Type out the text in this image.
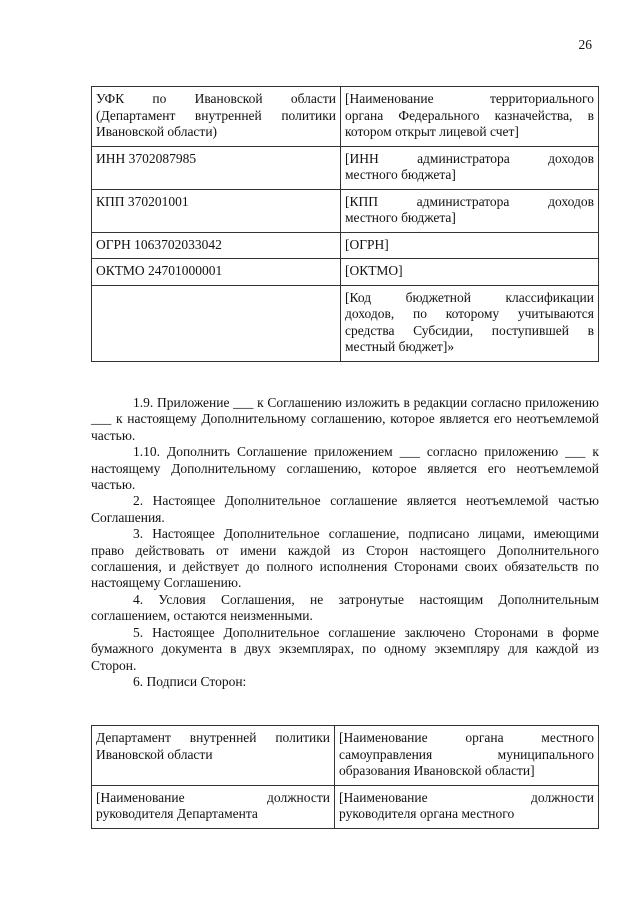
26
УФК по Ивановской области
(Департамент внутренней политики
Ивановской области)	[Наименование территориального
органа Федерального казначейства, в
котором открыт лицевой счет]

ИНН 3702087985	[ИНН администратора доходов
местного бюджета]

КПП 370201001	[КПП администратора доходов
местного бюджета]

ОГРН 1063702033042	[ОГРН]

ОКТМО 24701000001	[ОКТМО]

	[Код бюджетной классификации
доходов, по которому учитываются
средства Субсидии, поступившей в
местный бюджет]»

1.9. Приложение ___ к Соглашению изложить в редакции согласно приложению ___ к настоящему Дополнительному соглашению, которое является его неотъемлемой частью.

1.10. Дополнить Соглашение приложением ___ согласно приложению ___ к настоящему Дополнительному соглашению, которое является его неотъемлемой частью.

2. Настоящее Дополнительное соглашение является неотъемлемой частью Соглашения.

3. Настоящее Дополнительное соглашение, подписано лицами, имеющими право действовать от имени каждой из Сторон настоящего Дополнительного соглашения, и действует до полного исполнения Сторонами своих обязательств по настоящему Соглашению.

4. Условия Соглашения, не затронутые настоящим Дополнительным соглашением, остаются неизменными.

5. Настоящее Дополнительное соглашение заключено Сторонами в форме бумажного документа в двух экземплярах, по одному экземпляру для каждой из Сторон.

6. Подписи Сторон:

Департамент внутренней политики
Ивановской области	[Наименование органа местного
самоуправления муниципального
образования Ивановской области]

[Наименование должности
руководителя Департамента	[Наименование должности
руководителя органа местного
